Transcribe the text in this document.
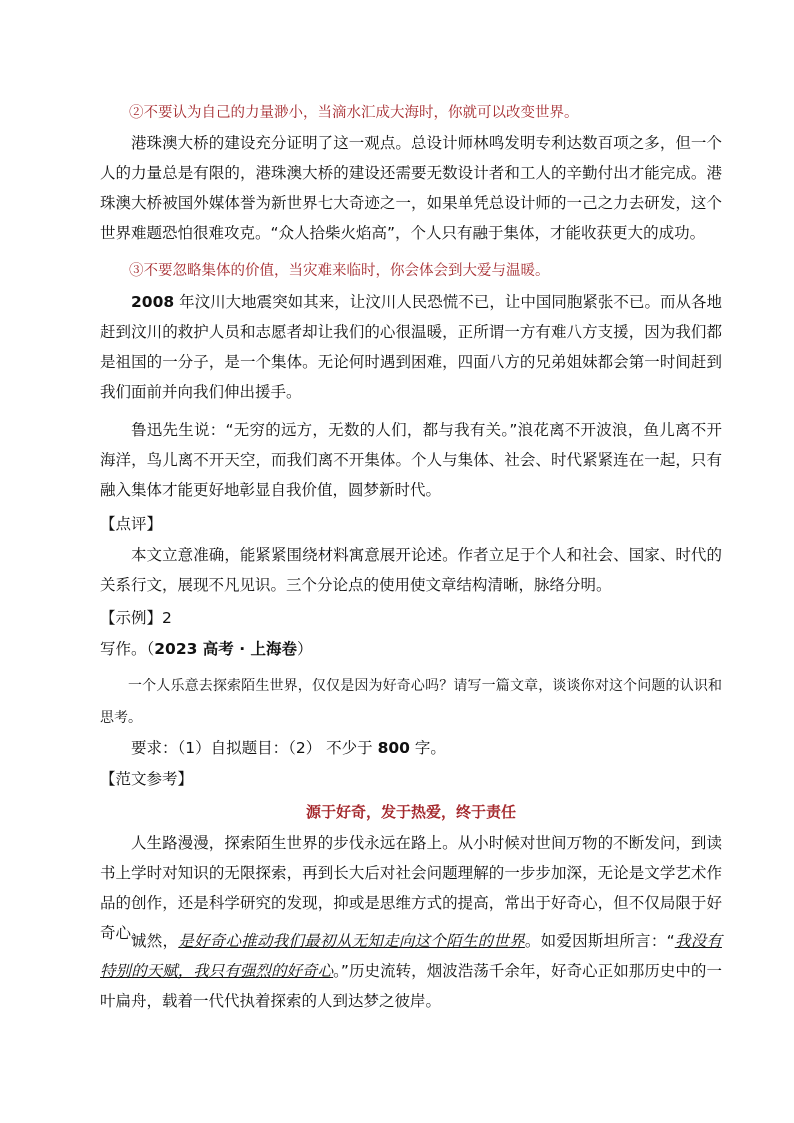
②不要认为自己的力量渺小，当滴水汇成大海时，你就可以改变世界。

港珠澳大桥的建设充分证明了这一观点。总设计师林鸣发明专利达数百项之多，但一个人的力量总是有限的，港珠澳大桥的建设还需要无数设计者和工人的辛勤付出才能完成。港珠澳大桥被国外媒体誉为新世界七大奇迹之一，如果单凭总设计师的一己之力去研发，这个世界难题恐怕很难攻克。“众人拾柴火焰高”，个人只有融于集体，才能收获更大的成功。

③不要忽略集体的价值，当灾难来临时，你会体会到大爱与温暖。

2008 年汶川大地震突如其来，让汶川人民恐慌不已，让中国同胞紧张不已。而从各地赶到汶川的救护人员和志愿者却让我们的心很温暖，正所谓一方有难八方支援，因为我们都是祖国的一分子，是一个集体。无论何时遇到困难，四面八方的兄弟姐妹都会第一时间赶到我们面前并向我们伸出援手。

鲁迅先生说：“无穷的远方，无数的人们，都与我有关。”浪花离不开波浪，鱼儿离不开海洋，鸟儿离不开天空，而我们离不开集体。个人与集体、社会、时代紧紧连在一起，只有融入集体才能更好地彰显自我价值，圆梦新时代。

【点评】

本文立意准确，能紧紧围绕材料寓意展开论述。作者立足于个人和社会、国家、时代的关系行文，展现不凡见识。三个分论点的使用使文章结构清晰，脉络分明。

【示例】2

写作。（2023 高考 · 上海卷）

一个人乐意去探索陌生世界，仅仅是因为好奇心吗？请写一篇文章，谈谈你对这个问题的认识和思考。

要求：（1）自拟题目：（2） 不少于 800 字。

【范文参考】

源于好奇，发于热爱，终于责任

人生路漫漫，探索陌生世界的步伐永远在路上。从小时候对世间万物的不断发问，到读书上学时对知识的无限探索，再到长大后对社会问题理解的一步步加深，无论是文学艺术作品的创作，还是科学研究的发现，抑或是思维方式的提高，常出于好奇心，但不仅局限于好奇心。

诚然，是好奇心推动我们最初从无知走向这个陌生的世界。如爱因斯坦所言：“我没有特别的天赋，我只有强烈的好奇心。”历史流转，烟波浩荡千余年，好奇心正如那历史中的一叶扁舟，载着一代代执着探索的人到达梦之彼岸。
